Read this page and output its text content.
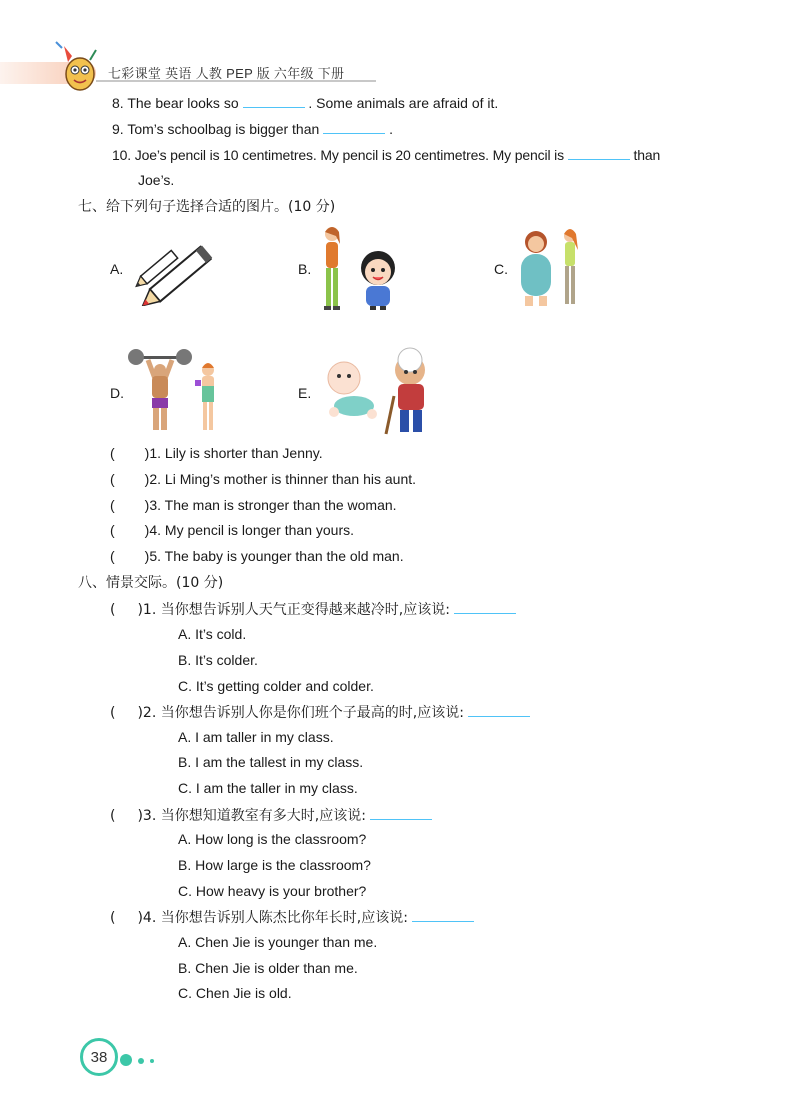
七彩课堂 英语 人教 PEP 版 六年级 下册
8. The bear looks so	. Some animals are afraid of it.
9. Tom’s schoolbag is bigger than	.
10. Joe’s pencil is 10 centimetres. My pencil is 20 centimetres. My pencil is	than
Joe’s.
七、给下列句子选择合适的图片。(10 分)
A.	B.	C.
D.	E.
( )1. Lily is shorter than Jenny.
( )2. Li Ming’s mother is thinner than his aunt.
( )3. The man is stronger than the woman.
( )4. My pencil is longer than yours.
( )5. The baby is younger than the old man.
八、情景交际。(10 分)
( )1. 当你想告诉别人天气正变得越来越冷时,应该说:
A. It’s cold.
B. It’s colder.
C. It’s getting colder and colder.
( )2. 当你想告诉别人你是你们班个子最高的时,应该说:
A. I am taller in my class.
B. I am the tallest in my class.
C. I am the taller in my class.
( )3. 当你想知道教室有多大时,应该说:
A. How long is the classroom?
B. How large is the classroom?
C. How heavy is your brother?
( )4. 当你想告诉别人陈杰比你年长时,应该说:
A. Chen Jie is younger than me.
B. Chen Jie is older than me.
C. Chen Jie is old.
38
